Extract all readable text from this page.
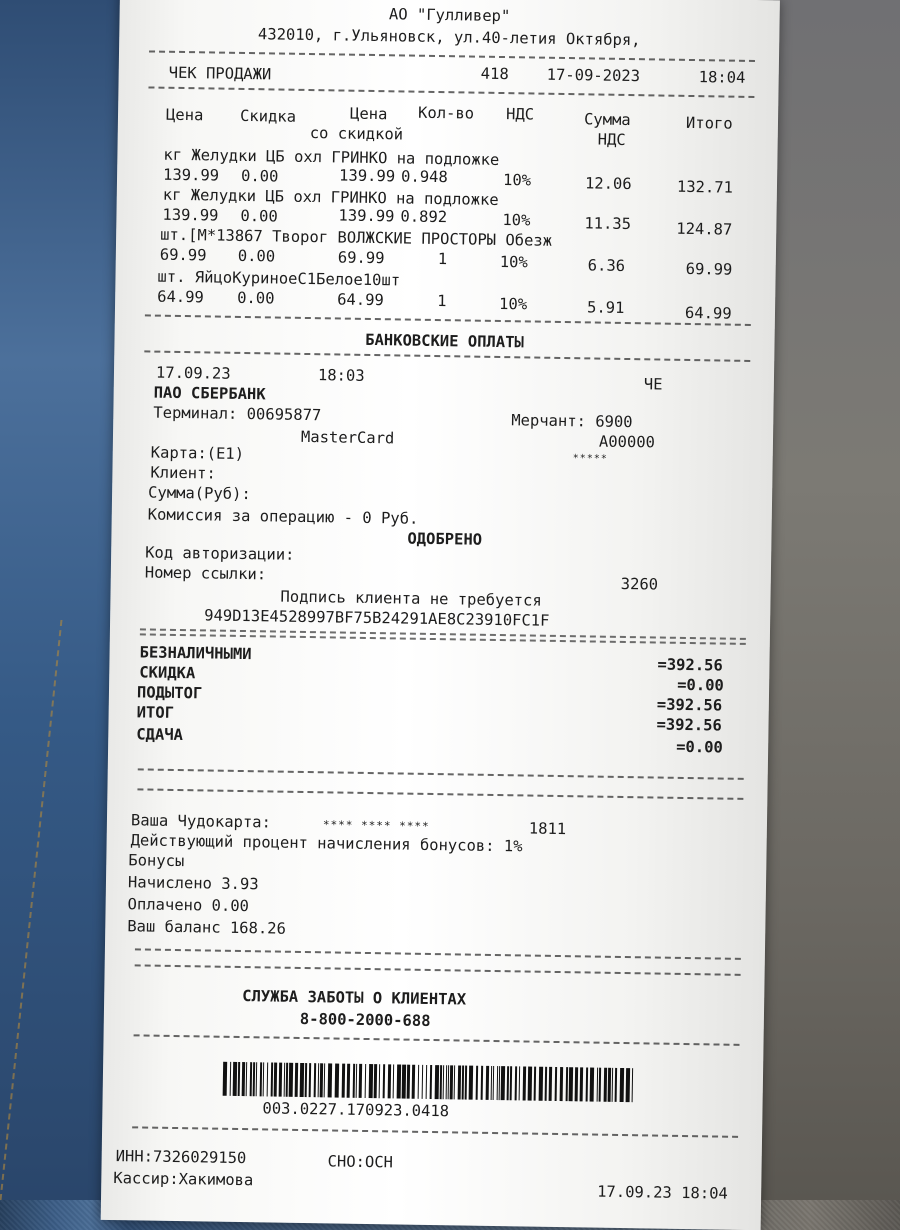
АО "Гулливер"
432010, г.Ульяновск, ул.40-летия Октября,
ЧЕК ПРОДАЖИ	418 17-09-2023	18:04
Цена Скидка	Цена
со скидкой
Кол-во НДС	Сумма
НДС
Итого
кг Желудки ЦБ охл ГРИНКО на подложке
139.99 0.00	139.99 0.948	10%	12.06	132.71
кг Желудки ЦБ охл ГРИНКО на подложке
139.99 0.00	139.99 0.892	10%	11.35	124.87
шт.[M*13867 Творог ВОЛЖСКИЕ ПРОСТОРЫ Обезж
69.99 0.00	69.99	1	10%	6.36	69.99
шт. ЯйцоКуриноеС1Белое10шт
64.99 0.00	64.99	1	10%	5.91	64.99
БАНКОВСКИЕ ОПЛАТЫ
17.09.23	18:03	ЧЕ
ПАО СБЕРБАНК
Терминал: 00695877	Мерчант: 6900
MasterCard	A00000
*****
Карта:(E1)
Клиент:
Сумма(Руб):
Комиссия за операцию - 0 Руб.
ОДОБРЕНО
Код авторизации:
Номер ссылки:
3260
Подпись клиента не требуется
949D13E4528997BF75B24291AE8C23910FC1F
БЕЗНАЛИЧНЫМИ
=392.56
СКИДКА
=0.00
ПОДЫТОГ
=392.56
ИТОГ
=392.56
СДАЧА
=0.00
Ваша Чудокарта:	**** **** ****	1811
Действующий процент начисления бонусов: 1%
Бонусы
Начислено 3.93
Оплачено 0.00
Ваш баланс 168.26
СЛУЖБА ЗАБОТЫ О КЛИЕНТАХ
8-800-2000-688
003.0227.170923.0418
ИНН:7326029150	СНО:ОСН
Кассир:Хакимова
17.09.23 18:04
